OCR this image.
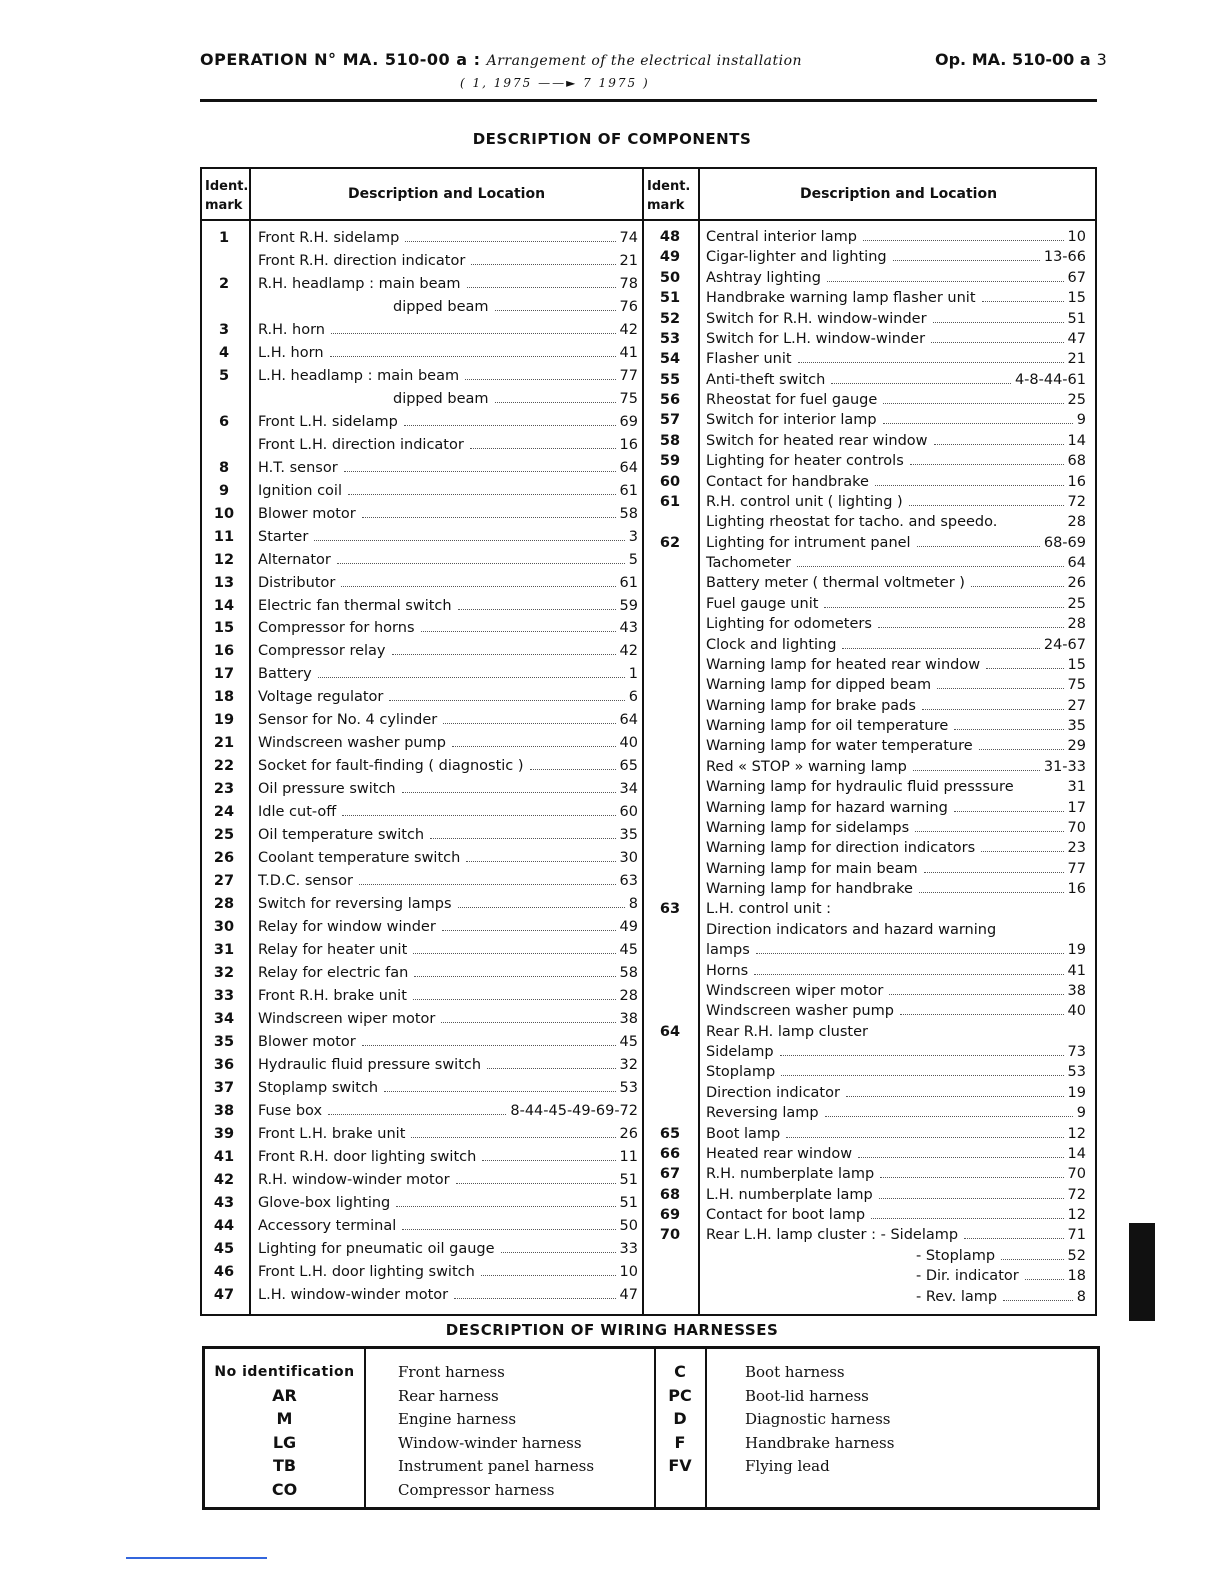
OPERATION N° MA. 510-00 a : Arrangement of the electrical installation
( 1, 1975 ——► 7 1975 )
Op. MA. 510-00 a 3
DESCRIPTION OF COMPONENTS
Ident. mark
Description and Location	Ident. mark
Description and Location
1	Front R.H. sidelamp	74
Front R.H. direction indicator	21
2	R.H. headlamp : main beam	78
dipped beam	76
3	R.H. horn	42
4	L.H. horn	41
5	L.H. headlamp : main beam	77
dipped beam	75
6	Front L.H. sidelamp	69
Front L.H. direction indicator	16
8	H.T. sensor	64
9	Ignition coil	61
10	Blower motor	58
11	Starter	3
12	Alternator	5
13	Distributor	61
14	Electric fan thermal switch	59
15	Compressor for horns	43
16	Compressor relay	42
17	Battery	1
18	Voltage regulator	6
19	Sensor for No. 4 cylinder	64
21	Windscreen washer pump	40
22	Socket for fault-finding ( diagnostic )	65
23	Oil pressure switch	34
24	Idle cut-off	60
25	Oil temperature switch	35
26	Coolant temperature switch	30
27	T.D.C. sensor	63
28	Switch for reversing lamps	8
30	Relay for window winder	49
31	Relay for heater unit	45
32	Relay for electric fan	58
33	Front R.H. brake unit	28
34	Windscreen wiper motor	38
35	Blower motor	45
36	Hydraulic fluid pressure switch	32
37	Stoplamp switch	53
38	Fuse box	8-44-45-49-69-72
39	Front L.H. brake unit	26
41	Front R.H. door lighting switch	11
42	R.H. window-winder motor	51
43	Glove-box lighting	51
44	Accessory terminal	50
45	Lighting for pneumatic oil gauge	33
46	Front L.H. door lighting switch	10
47	L.H. window-winder motor	47
48	Central interior lamp	10
49	Cigar-lighter and lighting	13-66
50	Ashtray lighting	67
51	Handbrake warning lamp flasher unit	15
52	Switch for R.H. window-winder	51
53	Switch for L.H. window-winder	47
54	Flasher unit	21
55	Anti-theft switch	4-8-44-61
56	Rheostat for fuel gauge	25
57	Switch for interior lamp	9
58	Switch for heated rear window	14
59	Lighting for heater controls	68
60	Contact for handbrake	16
61	R.H. control unit ( lighting )	72
Lighting rheostat for tacho. and speedo.	28
62	Lighting for intrument panel	68-69
Tachometer	64
Battery meter ( thermal voltmeter )	26
Fuel gauge unit	25
Lighting for odometers	28
Clock and lighting	24-67
Warning lamp for heated rear window	15
Warning lamp for dipped beam	75
Warning lamp for brake pads	27
Warning lamp for oil temperature	35
Warning lamp for water temperature	29
Red « STOP » warning lamp	31-33
Warning lamp for hydraulic fluid presssure	31
Warning lamp for hazard warning	17
Warning lamp for sidelamps	70
Warning lamp for direction indicators	23
Warning lamp for main beam	77
Warning lamp for handbrake	16
63	L.H. control unit :
Direction indicators and hazard warning
lamps	19
Horns	41
Windscreen wiper motor	38
Windscreen washer pump	40
64	Rear R.H. lamp cluster
Sidelamp	73
Stoplamp	53
Direction indicator	19
Reversing lamp	9
65	Boot lamp	12
66	Heated rear window	14
67	R.H. numberplate lamp	70
68	L.H. numberplate lamp	72
69	Contact for boot lamp	12
70	Rear L.H. lamp cluster : - Sidelamp	71
- Stoplamp	52
- Dir. indicator	18
- Rev. lamp	8
DESCRIPTION OF WIRING HARNESSES
No identification	Front harness
AR	Rear harness
M	Engine harness
LG	Window-winder harness
TB	Instrument panel harness
CO	Compressor harness
C	Boot harness
PC	Boot-lid harness
D	Diagnostic harness
F	Handbrake harness
FV	Flying lead
